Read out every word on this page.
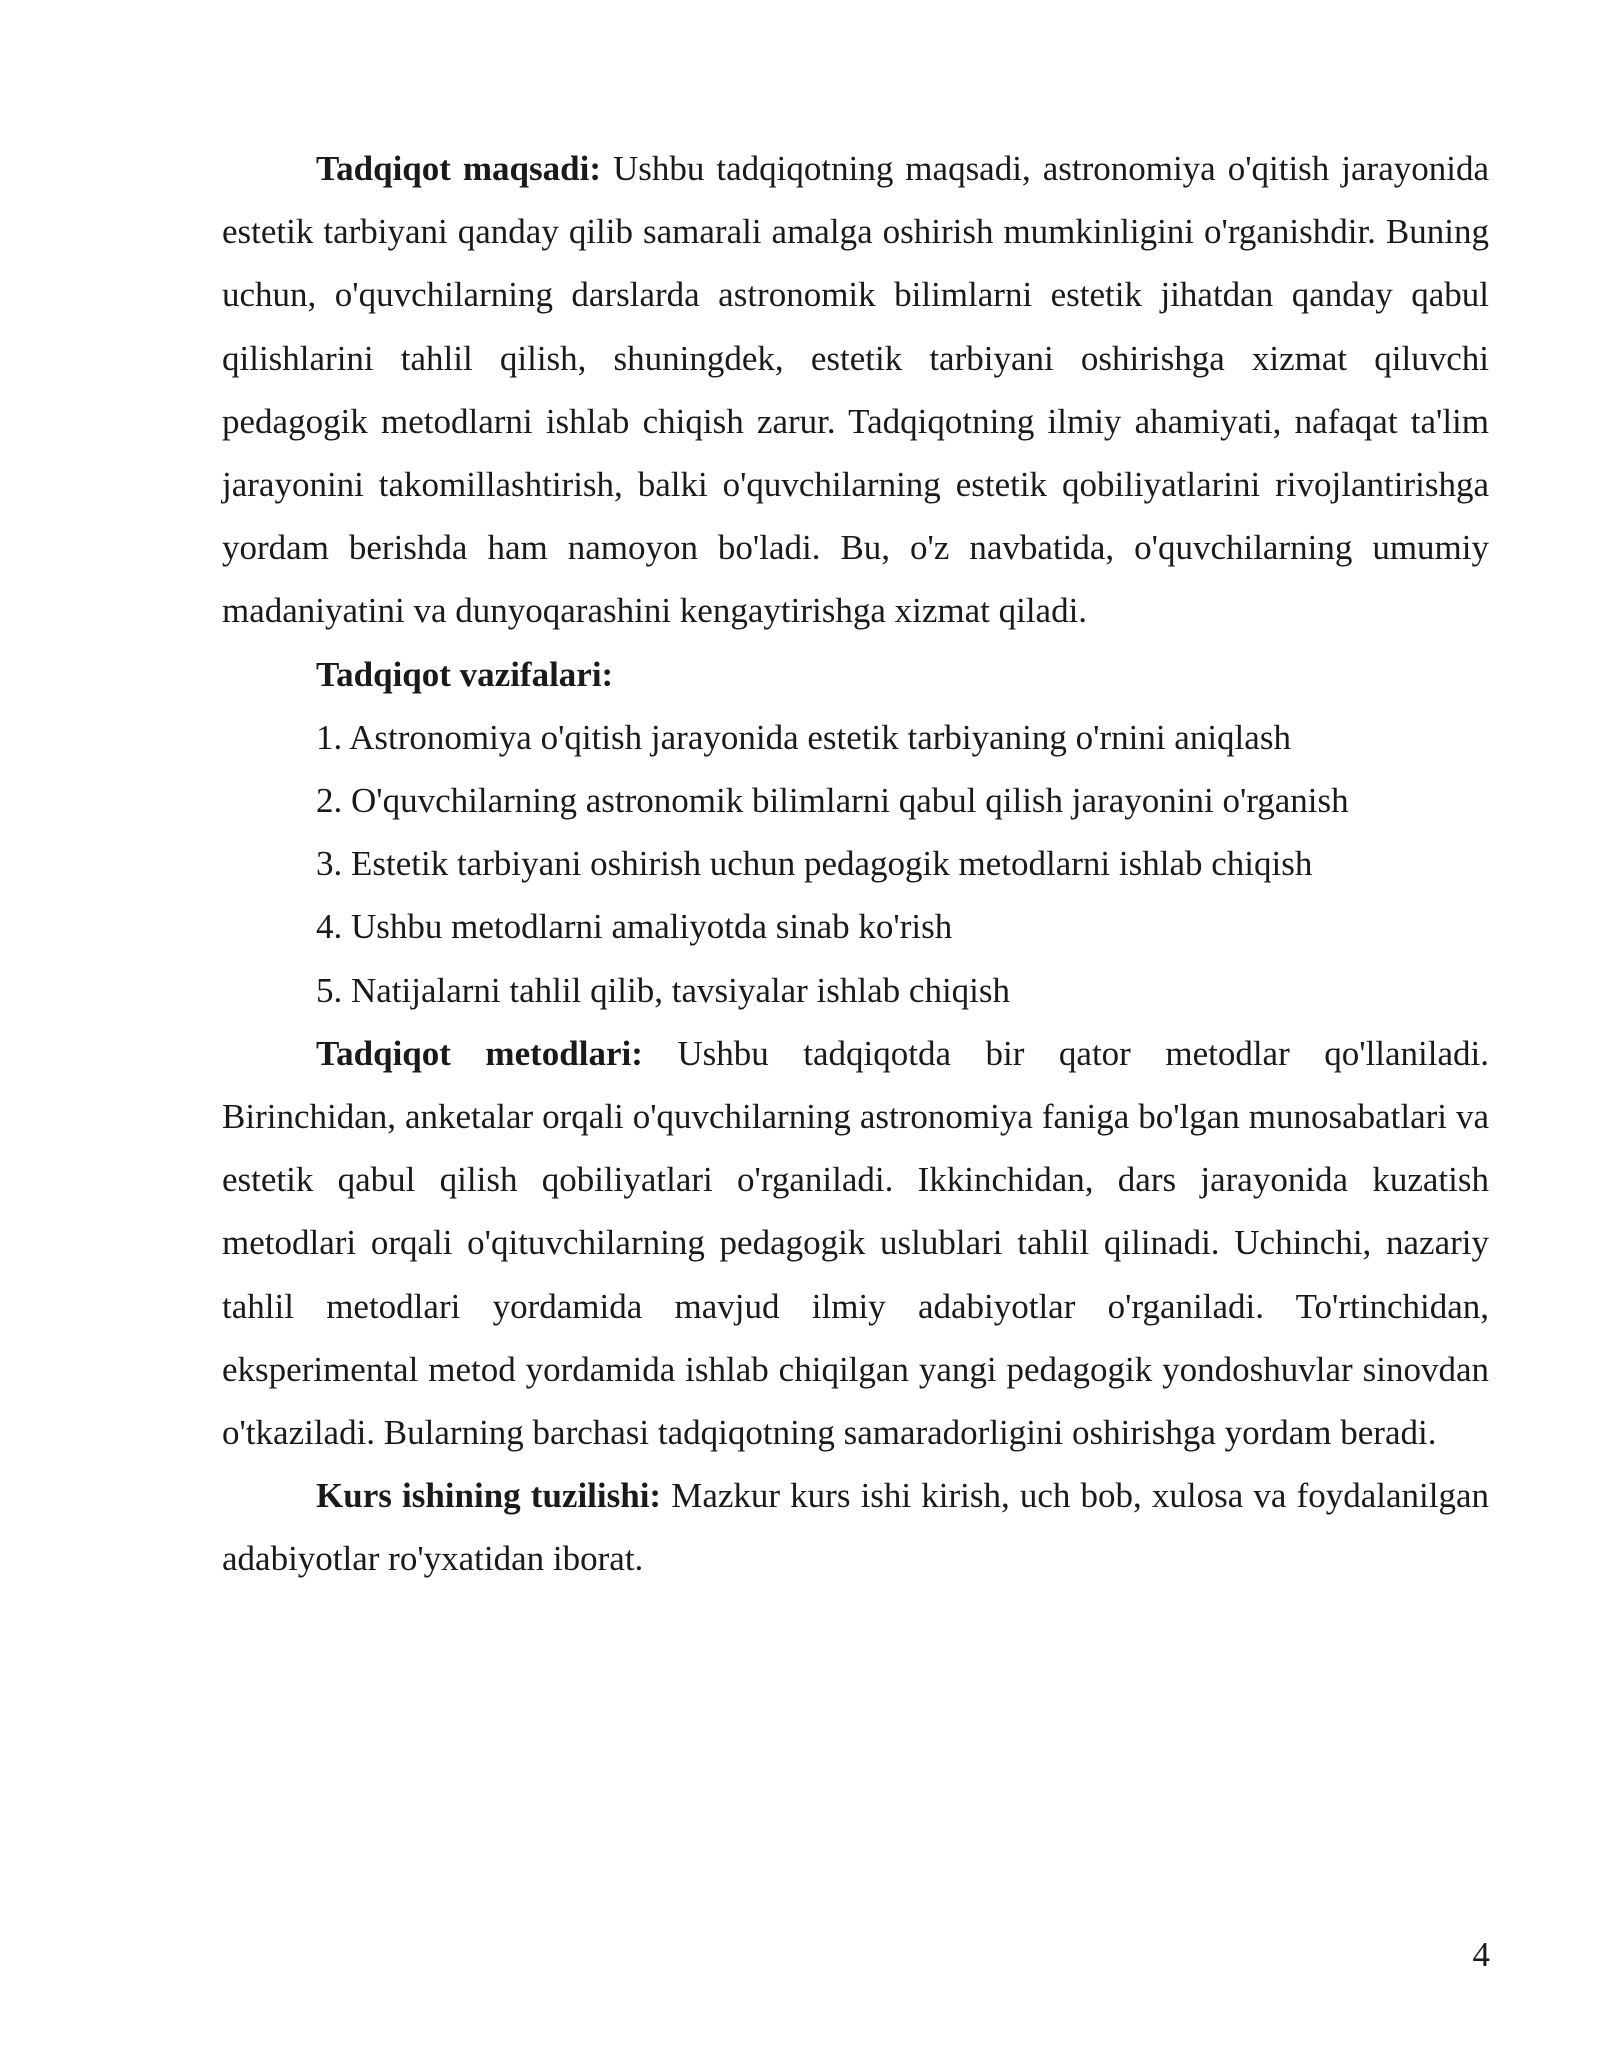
Tadqiqot maqsadi: Ushbu tadqiqotning maqsadi, astronomiya o'qitish jarayonida estetik tarbiyani qanday qilib samarali amalga oshirish mumkinligini o'rganishdir. Buning uchun, o'quvchilarning darslarda astronomik bilimlarni estetik jihatdan qanday qabul qilishlarini tahlil qilish, shuningdek, estetik tarbiyani oshirishga xizmat qiluvchi pedagogik metodlarni ishlab chiqish zarur. Tadqiqotning ilmiy ahamiyati, nafaqat ta'lim jarayonini takomillashtirish, balki o'quvchilarning estetik qobiliyatlarini rivojlantirishga yordam berishda ham namoyon bo'ladi. Bu, o'z navbatida, o'quvchilarning umumiy madaniyatini va dunyoqarashini kengaytirishga xizmat qiladi.

Tadqiqot vazifalari:

1. Astronomiya o'qitish jarayonida estetik tarbiyaning o'rnini aniqlash

2. O'quvchilarning astronomik bilimlarni qabul qilish jarayonini o'rganish

3. Estetik tarbiyani oshirish uchun pedagogik metodlarni ishlab chiqish

4. Ushbu metodlarni amaliyotda sinab ko'rish

5. Natijalarni tahlil qilib, tavsiyalar ishlab chiqish

Tadqiqot metodlari: Ushbu tadqiqotda bir qator metodlar qo'llaniladi. Birinchidan, anketalar orqali o'quvchilarning astronomiya faniga bo'lgan munosabatlari va estetik qabul qilish qobiliyatlari o'rganiladi. Ikkinchidan, dars jarayonida kuzatish metodlari orqali o'qituvchilarning pedagogik uslublari tahlil qilinadi. Uchinchi, nazariy tahlil metodlari yordamida mavjud ilmiy adabiyotlar o'rganiladi. To'rtinchidan, eksperimental metod yordamida ishlab chiqilgan yangi pedagogik yondoshuvlar sinovdan o'tkaziladi. Bularning barchasi tadqiqotning samaradorligini oshirishga yordam beradi.

Kurs ishining tuzilishi: Mazkur kurs ishi kirish, uch bob, xulosa va foydalanilgan adabiyotlar ro'yxatidan iborat.

4
